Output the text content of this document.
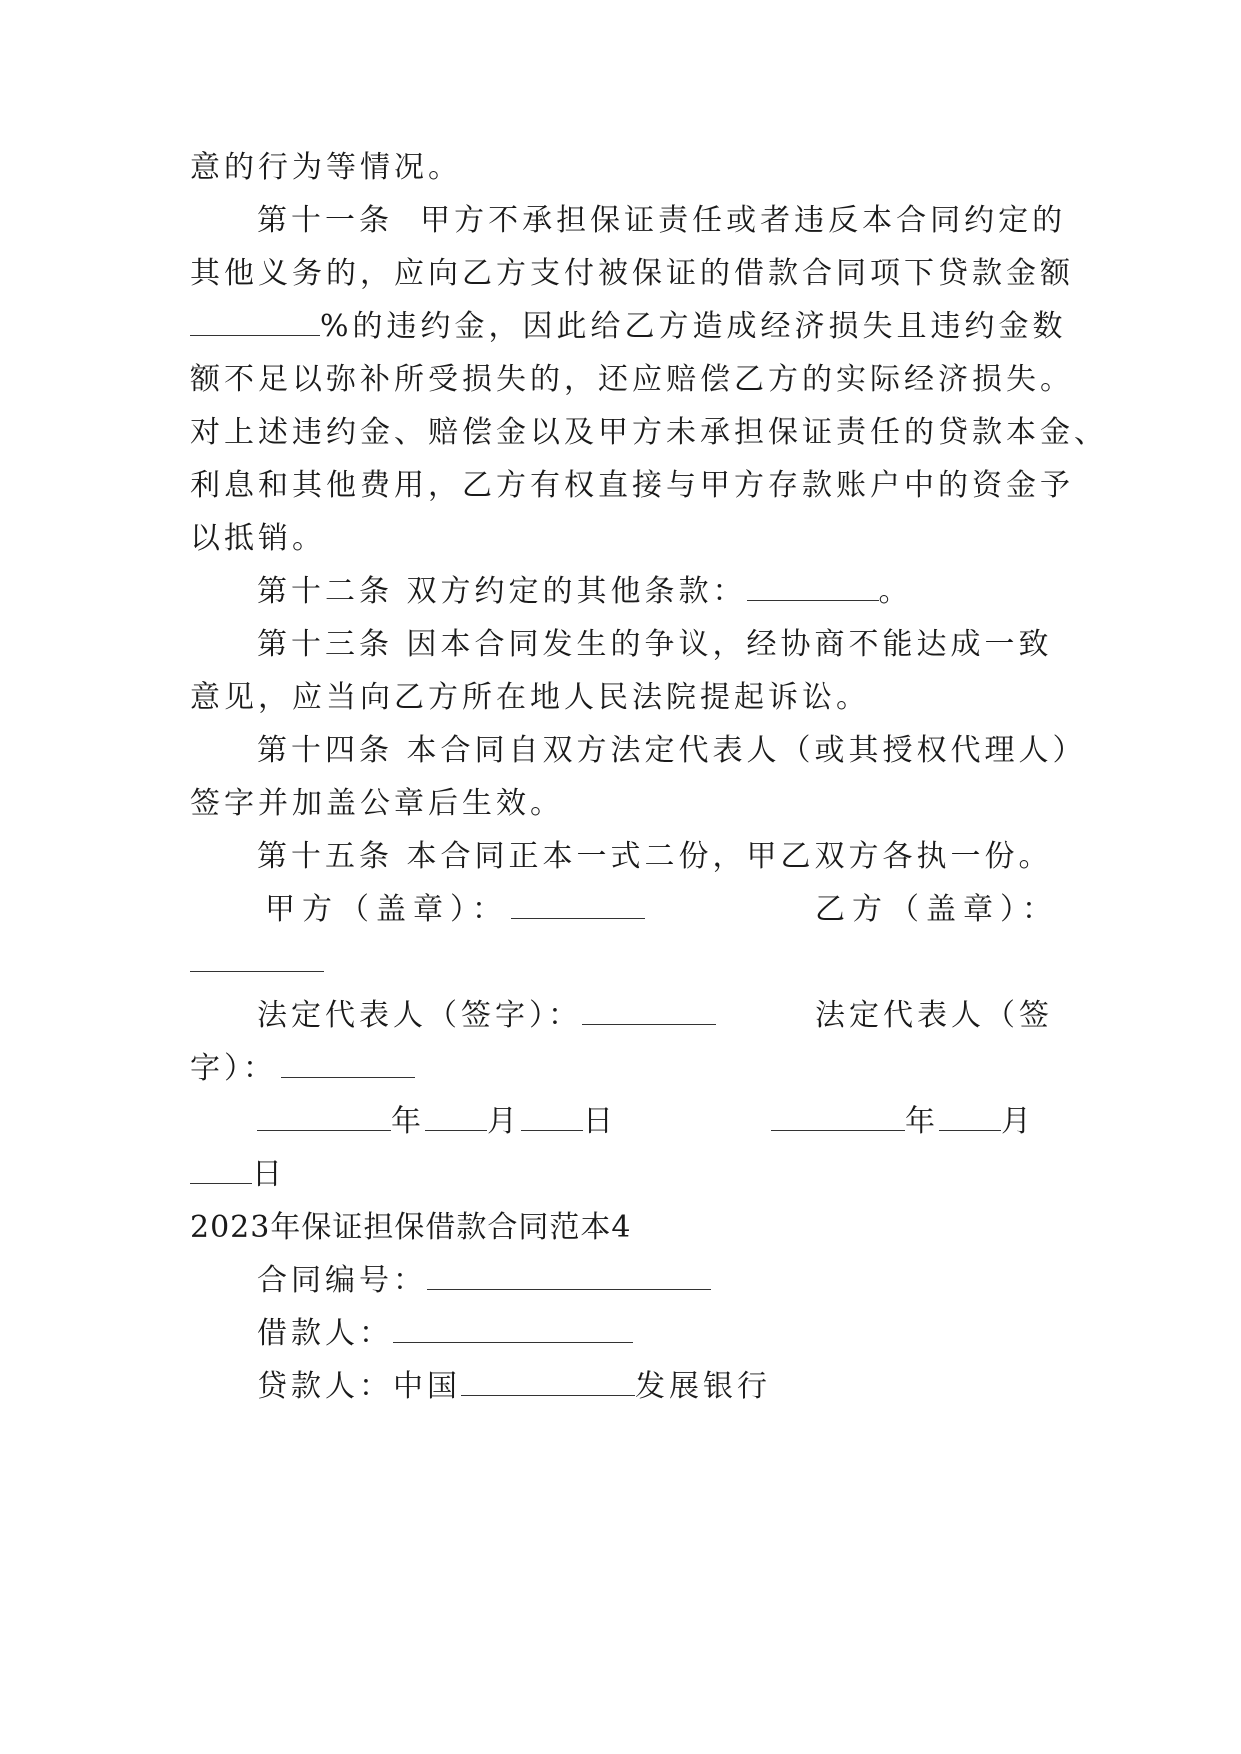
意的行为等情况。
第十一条  甲方不承担保证责任或者违反本合同约定的
其他义务的，应向乙方支付被保证的借款合同项下贷款金额
%的违约金，因此给乙方造成经济损失且违约金数
额不足以弥补所受损失的，还应赔偿乙方的实际经济损失。
对上述违约金、赔偿金以及甲方未承担保证责任的贷款本金、
利息和其他费用，乙方有权直接与甲方存款账户中的资金予
以抵销。
第十二条 双方约定的其他条款：	。
第十三条 因本合同发生的争议，经协商不能达成一致
意见，应当向乙方所在地人民法院提起诉讼。
第十四条 本合同自双方法定代表人（或其授权代理人）
签字并加盖公章后生效。
第十五条 本合同正本一式二份，甲乙双方各执一份。
甲方（盖章）：	乙方（盖章）：
法定代表人（签字）：	法定代表人（签
字）：
年 月 日	年 月
日
2023年保证担保借款合同范本4
合同编号：
借款人：
贷款人：中国	发展银行
